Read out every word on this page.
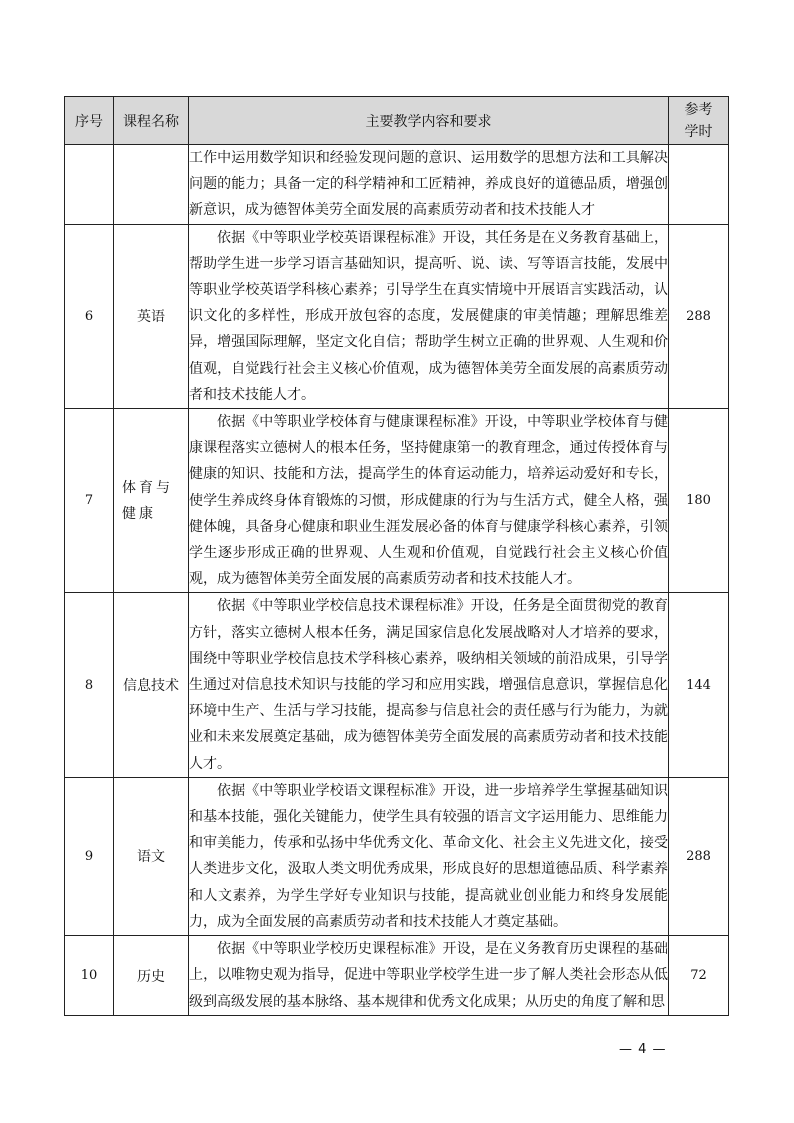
序号	课程名称	主要教学内容和要求	参考
学时

		工作中运用数学知识和经验发现问题的意识、运用数学的思想方法和工具解决问题的能力；具备一定的科学精神和工匠精神，养成良好的道德品质，增强创新意识，成为德智体美劳全面发展的高素质劳动者和技术技能人才	

6	英语	依据《中等职业学校英语课程标准》开设，其任务是在义务教育基础上，帮助学生进一步学习语言基础知识，提高听、说、读、写等语言技能，发展中等职业学校英语学科核心素养；引导学生在真实情境中开展语言实践活动，认识文化的多样性，形成开放包容的态度，发展健康的审美情趣；理解思维差异，增强国际理解，坚定文化自信；帮助学生树立正确的世界观、人生观和价值观，自觉践行社会主义核心价值观，成为德智体美劳全面发展的高素质劳动者和技术技能人才。	288
7	体育与健康	依据《中等职业学校体育与健康课程标准》开设，中等职业学校体育与健康课程落实立德树人的根本任务，坚持健康第一的教育理念，通过传授体育与健康的知识、技能和方法，提高学生的体育运动能力，培养运动爱好和专长，使学生养成终身体育锻炼的习惯，形成健康的行为与生活方式，健全人格，强健体魄，具备身心健康和职业生涯发展必备的体育与健康学科核心素养，引领学生逐步形成正确的世界观、人生观和价值观，自觉践行社会主义核心价值观，成为德智体美劳全面发展的高素质劳动者和技术技能人才。	180
8	信息技术	依据《中等职业学校信息技术课程标准》开设，任务是全面贯彻党的教育方针，落实立德树人根本任务，满足国家信息化发展战略对人才培养的要求，围绕中等职业学校信息技术学科核心素养，吸纳相关领域的前沿成果，引导学生通过对信息技术知识与技能的学习和应用实践，增强信息意识，掌握信息化环境中生产、生活与学习技能，提高参与信息社会的责任感与行为能力，为就业和未来发展奠定基础，成为德智体美劳全面发展的高素质劳动者和技术技能人才。	144
9	语文	依据《中等职业学校语文课程标准》开设，进一步培养学生掌握基础知识和基本技能，强化关键能力，使学生具有较强的语言文字运用能力、思维能力和审美能力，传承和弘扬中华优秀文化、革命文化、社会主义先进文化，接受人类进步文化，汲取人类文明优秀成果，形成良好的思想道德品质、科学素养和人文素养，为学生学好专业知识与技能，提高就业创业能力和终身发展能力，成为全面发展的高素质劳动者和技术技能人才奠定基础。	288
10	历史	依据《中等职业学校历史课程标准》开设，是在义务教育历史课程的基础上，以唯物史观为指导，促进中等职业学校学生进一步了解人类社会形态从低级到高级发展的基本脉络、基本规律和优秀文化成果；从历史的角度了解和思	72
— 4 —
